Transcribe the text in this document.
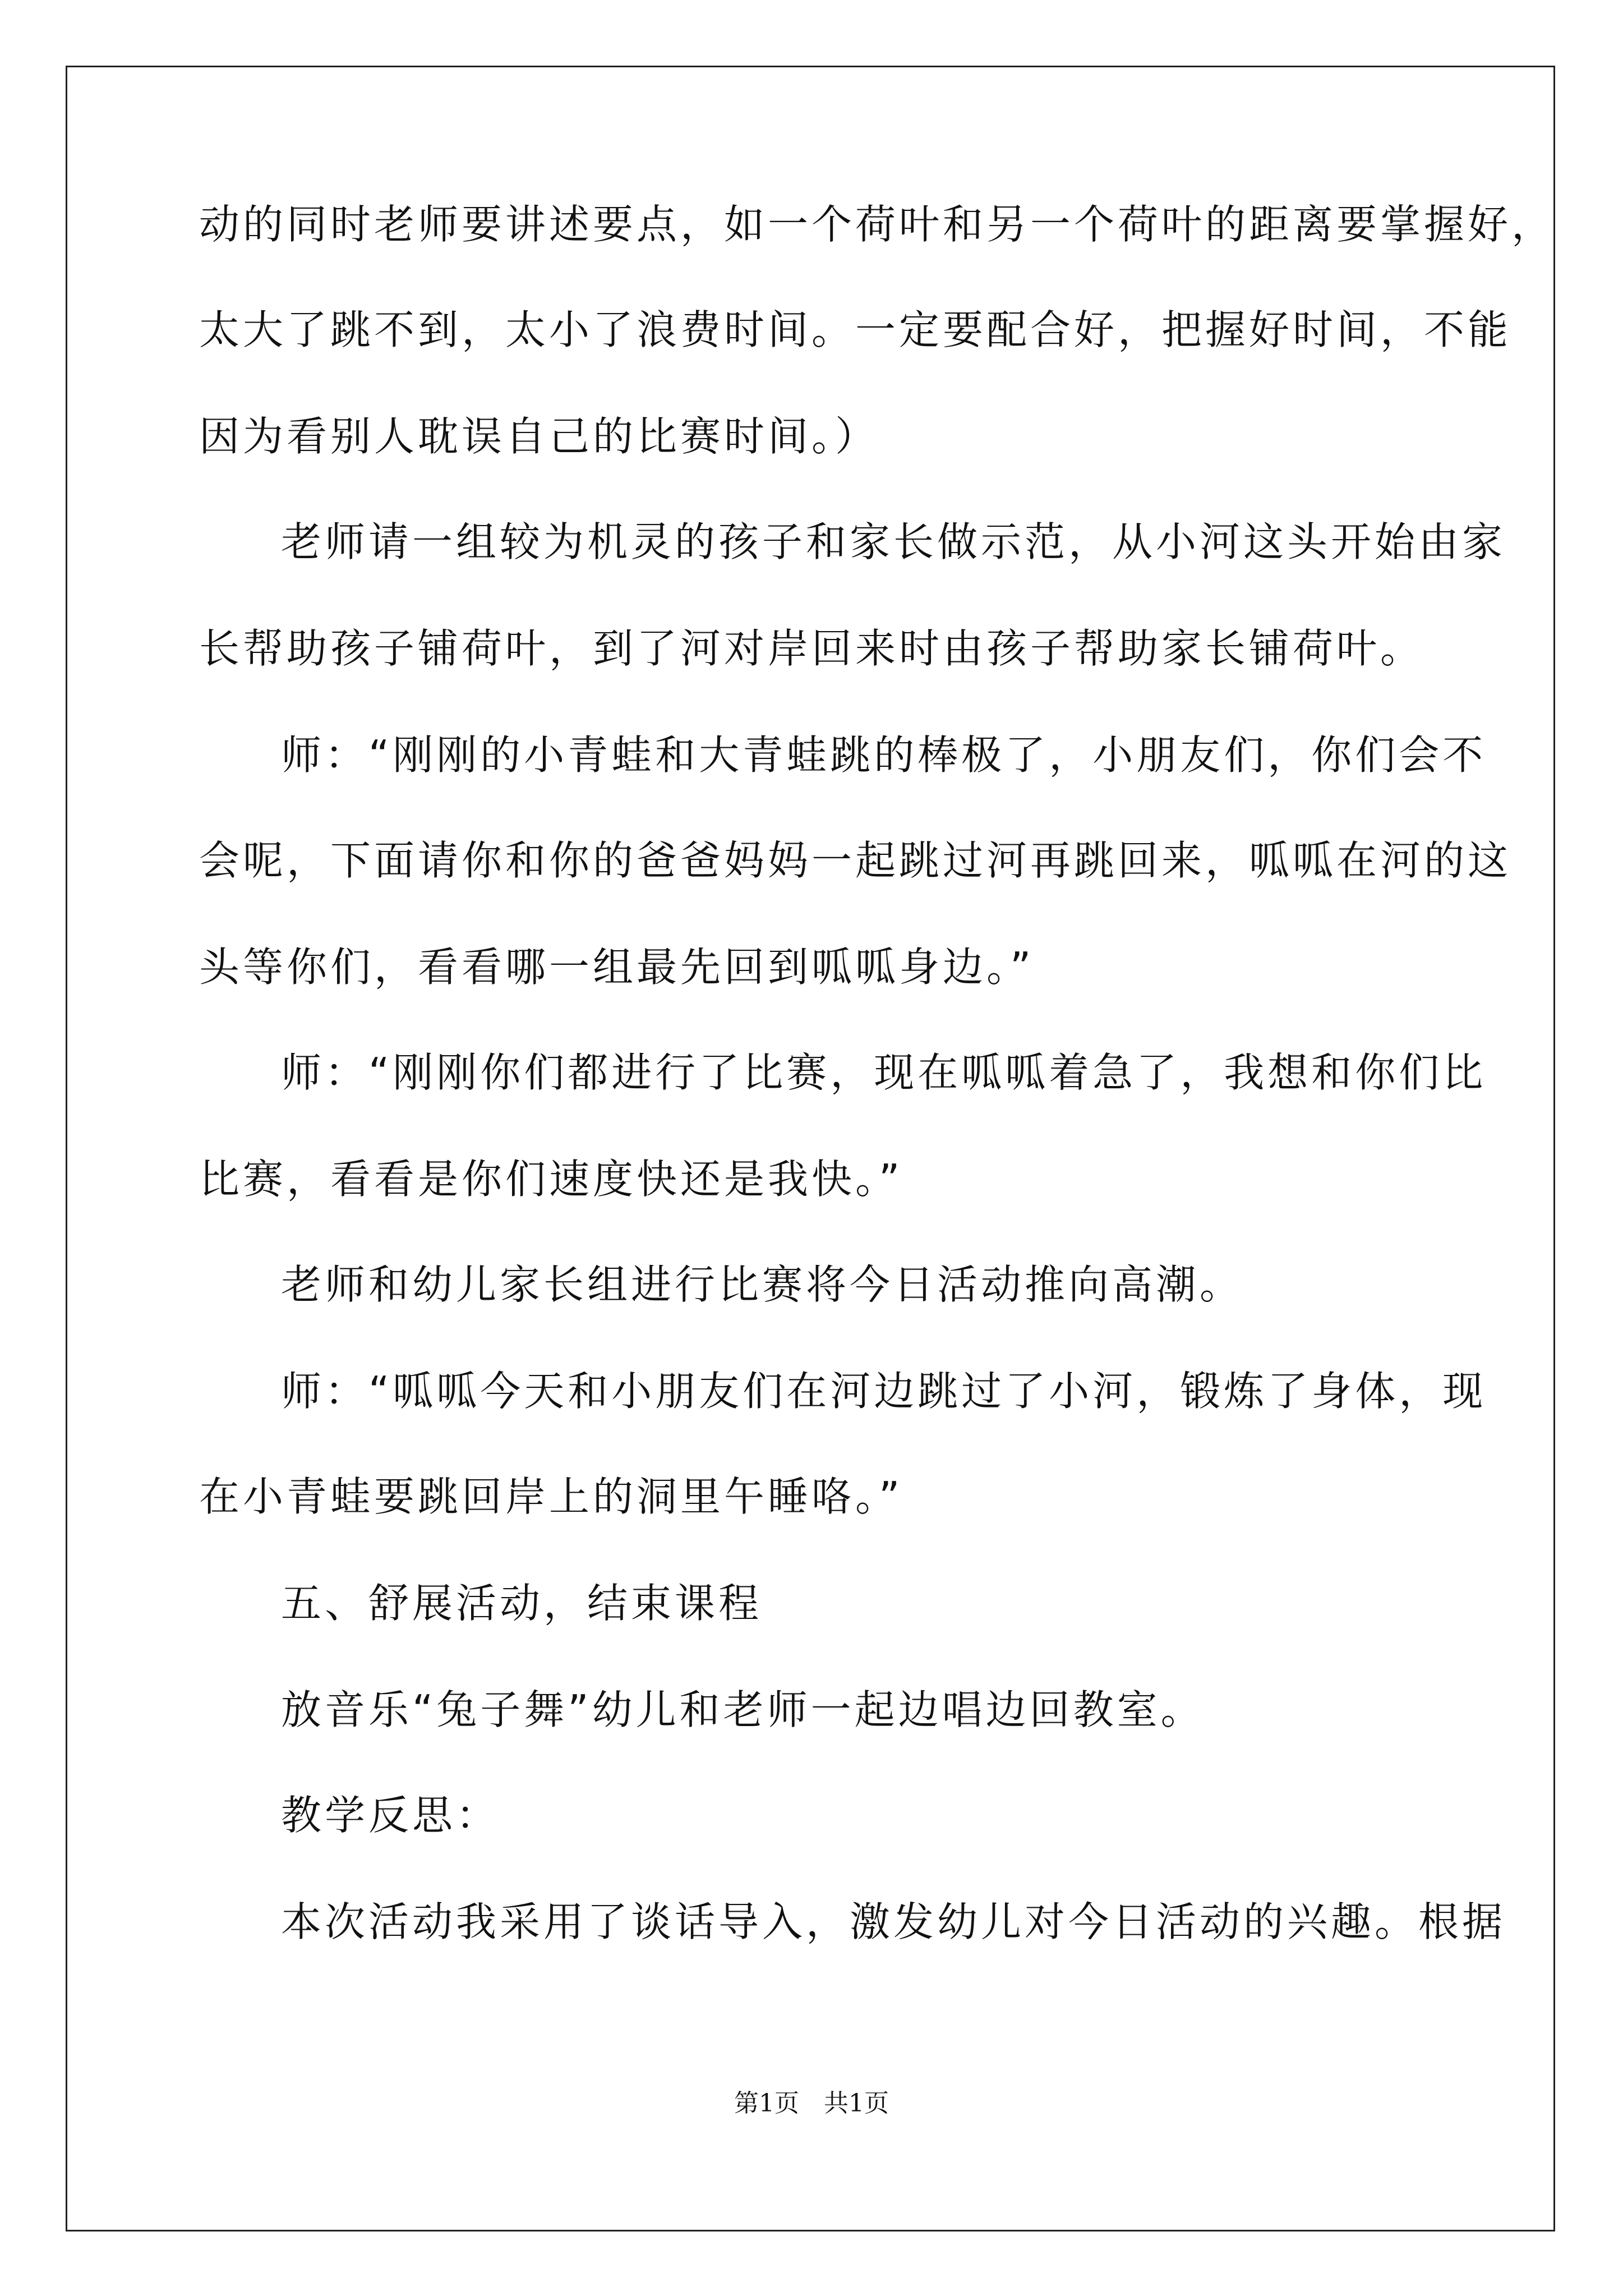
动的同时老师要讲述要点，如一个荷叶和另一个荷叶的距离要掌握好，
太大了跳不到，太小了浪费时间。一定要配合好，把握好时间，不能
因为看别人耽误自己的比赛时间。）
老师请一组较为机灵的孩子和家长做示范，从小河这头开始由家
长帮助孩子铺荷叶，到了河对岸回来时由孩子帮助家长铺荷叶。
师：“刚刚的小青蛙和大青蛙跳的棒极了，小朋友们，你们会不
会呢，下面请你和你的爸爸妈妈一起跳过河再跳回来，呱呱在河的这
头等你们，看看哪一组最先回到呱呱身边。”
师：“刚刚你们都进行了比赛，现在呱呱着急了，我想和你们比
比赛，看看是你们速度快还是我快。”
老师和幼儿家长组进行比赛将今日活动推向高潮。
师：“呱呱今天和小朋友们在河边跳过了小河，锻炼了身体，现
在小青蛙要跳回岸上的洞里午睡咯。”
五、舒展活动，结束课程
放音乐“兔子舞”幼儿和老师一起边唱边回教室。
教学反思：
本次活动我采用了谈话导入，激发幼儿对今日活动的兴趣。根据
第1页　共1页
